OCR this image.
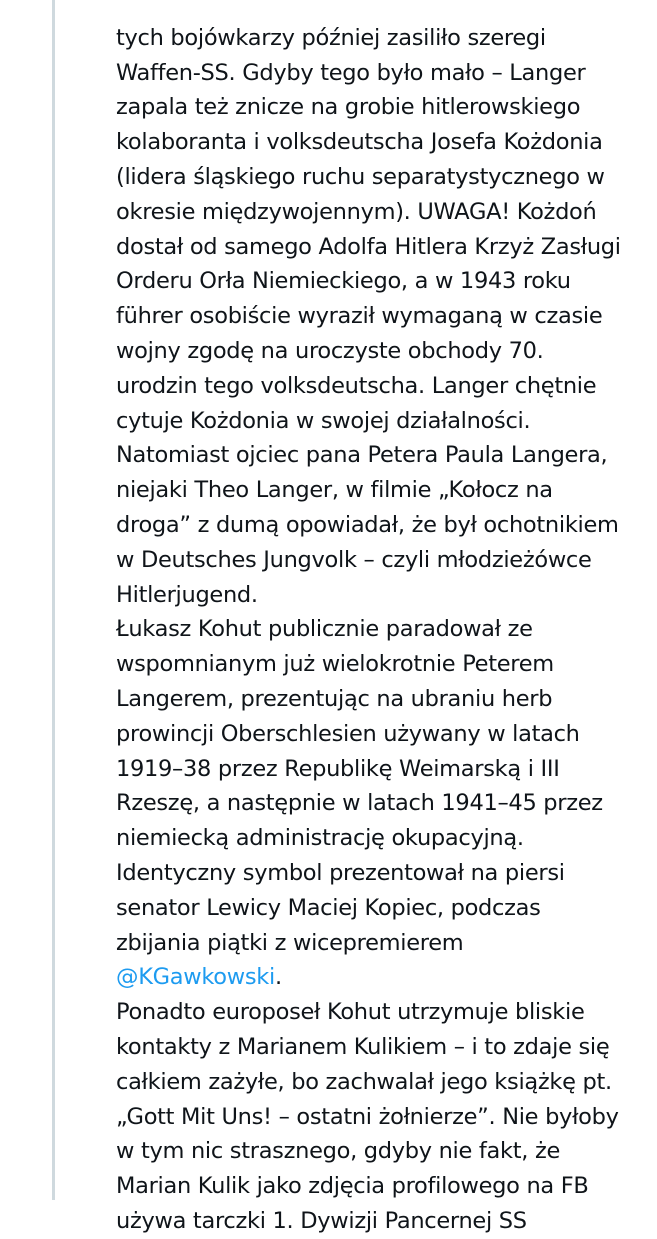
tych bojówkarzy później zasiliło szeregi
Waffen-SS. Gdyby tego było mało – Langer
zapala też znicze na grobie hitlerowskiego
kolaboranta i volksdeutscha Josefa Kożdonia
(lidera śląskiego ruchu separatystycznego w
okresie międzywojennym). UWAGA! Kożdoń
dostał od samego Adolfa Hitlera Krzyż Zasługi
Orderu Orła Niemieckiego, a w 1943 roku
führer osobiście wyraził wymaganą w czasie
wojny zgodę na uroczyste obchody 70.
urodzin tego volksdeutscha. Langer chętnie
cytuje Kożdonia w swojej działalności.
Natomiast ojciec pana Petera Paula Langera,
niejaki Theo Langer, w filmie „Kołocz na
droga” z dumą opowiadał, że był ochotnikiem
w Deutsches Jungvolk – czyli młodzieżówce
Hitlerjugend.
Łukasz Kohut publicznie paradował ze
wspomnianym już wielokrotnie Peterem
Langerem, prezentując na ubraniu herb
prowincji Oberschlesien używany w latach
1919–38 przez Republikę Weimarską i III
Rzeszę, a następnie w latach 1941–45 przez
niemiecką administrację okupacyjną.
Identyczny symbol prezentował na piersi
senator Lewicy Maciej Kopiec, podczas
zbijania piątki z wicepremierem
@KGawkowski.
Ponadto europoseł Kohut utrzymuje bliskie
kontakty z Marianem Kulikiem – i to zdaje się
całkiem zażyłe, bo zachwalał jego książkę pt.
„Gott Mit Uns! – ostatni żołnierze”. Nie byłoby
w tym nic strasznego, gdyby nie fakt, że
Marian Kulik jako zdjęcia profilowego na FB
używa tarczki 1. Dywizji Pancernej SS
